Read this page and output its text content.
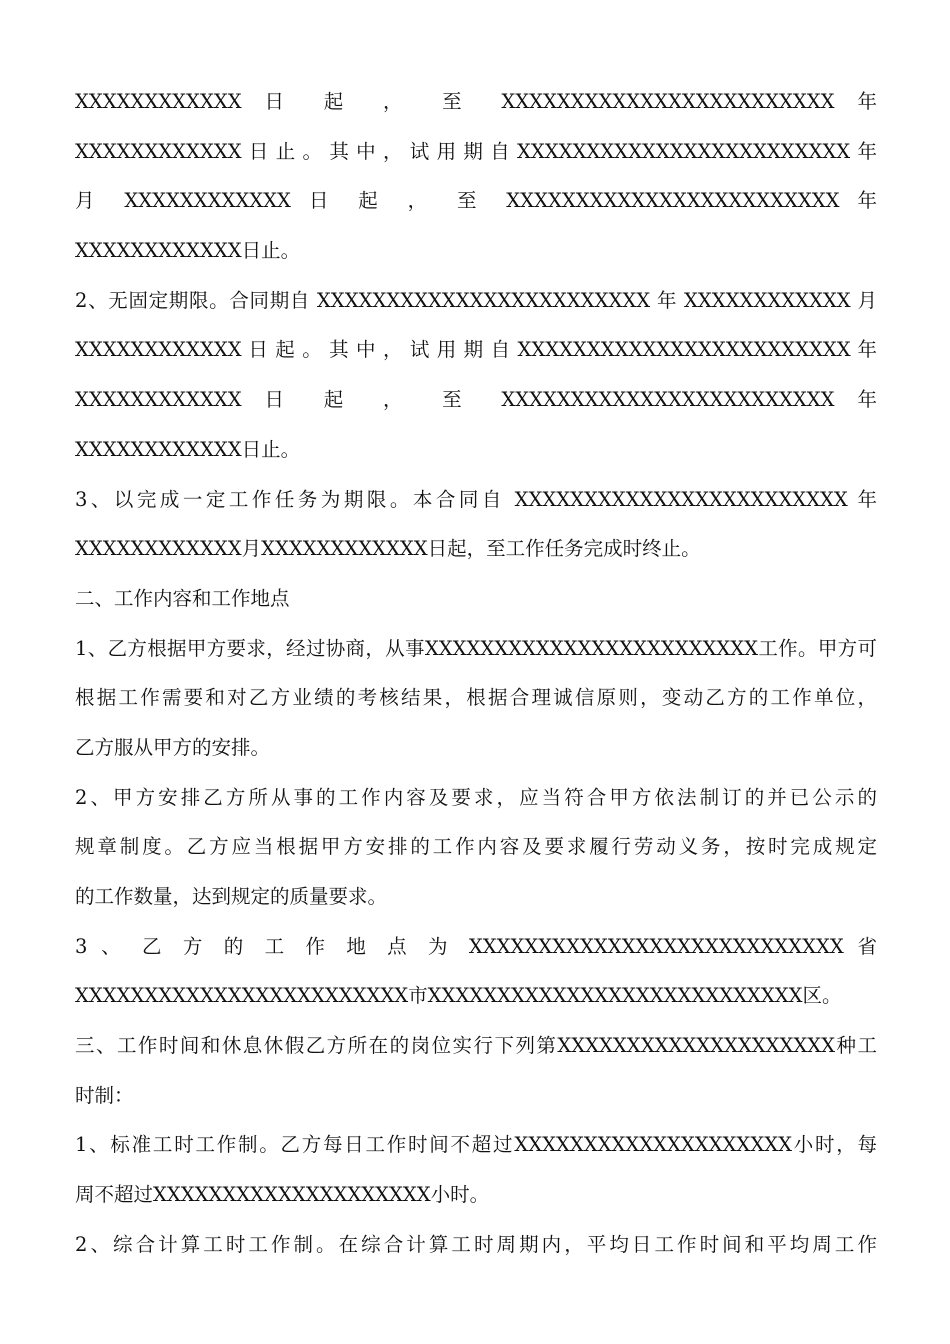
XXXXXXXXXXXX 日 起 ， 至 XXXXXXXXXXXXXXXXXXXXXXXX 年
XXXXXXXXXXXX日止。其中，试用期自XXXXXXXXXXXXXXXXXXXXXXXX年
月 XXXXXXXXXXXX 日 起 ， 至 XXXXXXXXXXXXXXXXXXXXXXXX 年
XXXXXXXXXXXX日止。
2、无固定期限。合同期自 XXXXXXXXXXXXXXXXXXXXXXXX 年 XXXXXXXXXXXX 月
XXXXXXXXXXXX 日 起 。 其 中 ， 试 用 期 自 XXXXXXXXXXXXXXXXXXXXXXXX 年
XXXXXXXXXXXX 日 起 ， 至 XXXXXXXXXXXXXXXXXXXXXXXX 年
XXXXXXXXXXXX日止。
3、以完成一定工作任务为期限。本合同自 XXXXXXXXXXXXXXXXXXXXXXXX 年
XXXXXXXXXXXX月XXXXXXXXXXXX日起，至工作任务完成时终止。
二、工作内容和工作地点
1、乙方根据甲方要求，经过协商，从事XXXXXXXXXXXXXXXXXXXXXXXX工作。甲方可
根据工作需要和对乙方业绩的考核结果，根据合理诚信原则，变动乙方的工作单位，
乙方服从甲方的安排。
2、甲方安排乙方所从事的工作内容及要求，应当符合甲方依法制订的并已公示的
规章制度。乙方应当根据甲方安排的工作内容及要求履行劳动义务，按时完成规定
的工作数量，达到规定的质量要求。
3 、 乙 方 的 工 作 地 点 为 XXXXXXXXXXXXXXXXXXXXXXXXXXX 省
XXXXXXXXXXXXXXXXXXXXXXXX市XXXXXXXXXXXXXXXXXXXXXXXXXXX区。
三、工作时间和休息休假乙方所在的岗位实行下列第XXXXXXXXXXXXXXXXXXXX种工
时制：
1、标准工时工作制。乙方每日工作时间不超过XXXXXXXXXXXXXXXXXXXX小时，每
周不超过XXXXXXXXXXXXXXXXXXXX小时。
2、综合计算工时工作制。在综合计算工时周期内，平均日工作时间和平均周工作
